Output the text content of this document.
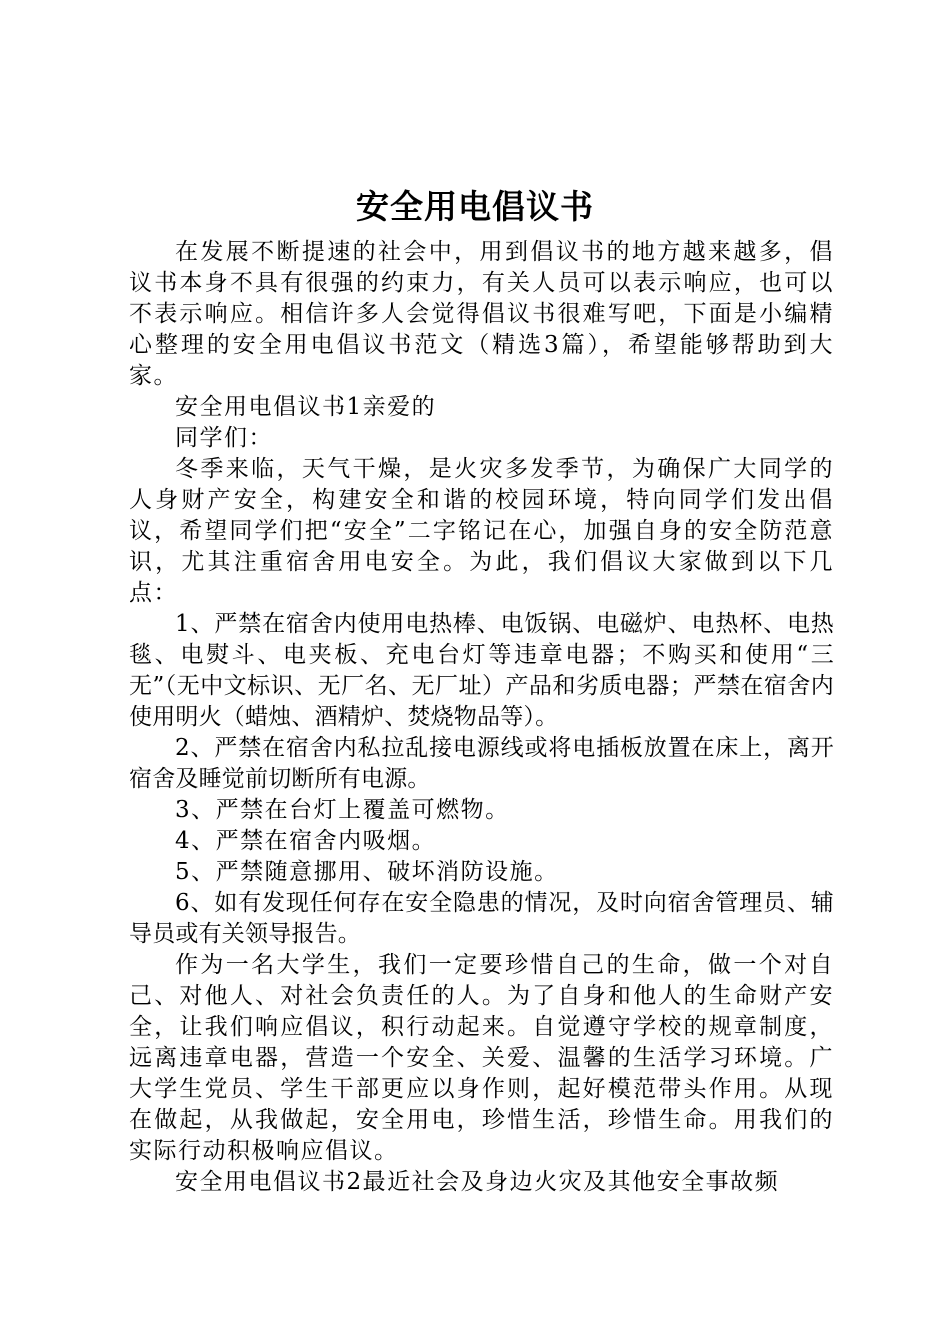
安全用电倡议书

在发展不断提速的社会中，用到倡议书的地方越来越多，倡议书本身不具有很强的约束力，有关人员可以表示响应，也可以不表示响应。相信许多人会觉得倡议书很难写吧，下面是小编精心整理的安全用电倡议书范文（精选3篇），希望能够帮助到大家。

安全用电倡议书1亲爱的

同学们：

冬季来临，天气干燥，是火灾多发季节，为确保广大同学的人身财产安全，构建安全和谐的校园环境，特向同学们发出倡议，希望同学们把“安全”二字铭记在心，加强自身的安全防范意识，尤其注重宿舍用电安全。为此，我们倡议大家做到以下几点：

1、严禁在宿舍内使用电热棒、电饭锅、电磁炉、电热杯、电热毯、电熨斗、电夹板、充电台灯等违章电器；不购买和使用“三无”（无中文标识、无厂名、无厂址）产品和劣质电器；严禁在宿舍内使用明火（蜡烛、酒精炉、焚烧物品等）。

2、严禁在宿舍内私拉乱接电源线或将电插板放置在床上，离开宿舍及睡觉前切断所有电源。

3、严禁在台灯上覆盖可燃物。

4、严禁在宿舍内吸烟。

5、严禁随意挪用、破坏消防设施。

6、如有发现任何存在安全隐患的情况，及时向宿舍管理员、辅导员或有关领导报告。

作为一名大学生，我们一定要珍惜自己的生命，做一个对自己、对他人、对社会负责任的人。为了自身和他人的生命财产安全，让我们响应倡议，积行动起来。自觉遵守学校的规章制度，远离违章电器，营造一个安全、关爱、温馨的生活学习环境。广大学生党员、学生干部更应以身作则，起好模范带头作用。从现在做起，从我做起，安全用电，珍惜生活，珍惜生命。用我们的实际行动积极响应倡议。

安全用电倡议书2最近社会及身边火灾及其他安全事故频
